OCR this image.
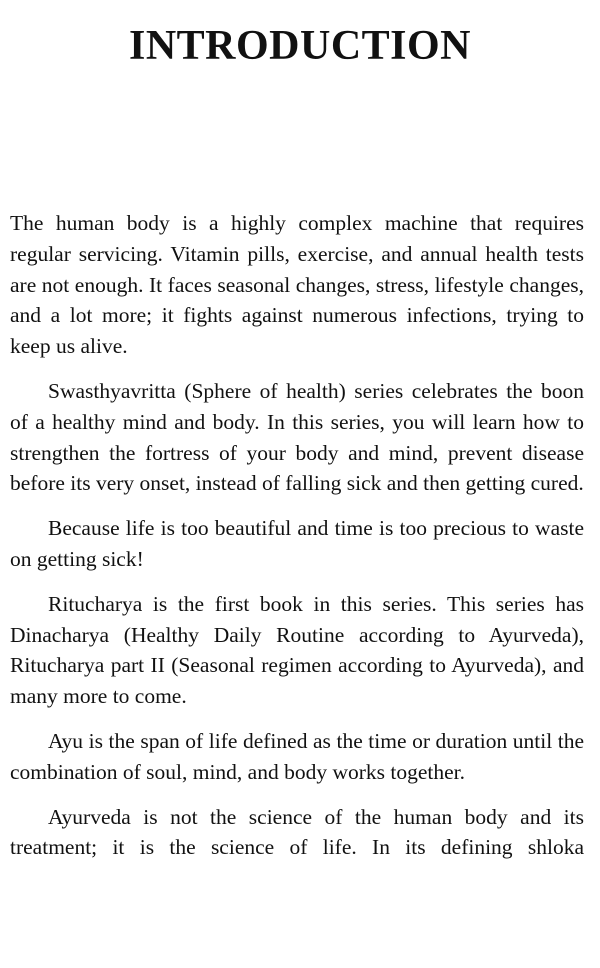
INTRODUCTION

The human body is a highly complex machine that requires regular servicing. Vitamin pills, exercise, and annual health tests are not enough. It faces seasonal changes, stress, lifestyle changes, and a lot more; it fights against numerous infections, trying to keep us alive.

Swasthyavritta (Sphere of health) series celebrates the boon of a healthy mind and body. In this series, you will learn how to strengthen the fortress of your body and mind, prevent disease before its very onset, instead of falling sick and then getting cured.

Because life is too beautiful and time is too precious to waste on getting sick!

Ritucharya is the first book in this series. This series has Dinacharya (Healthy Daily Routine according to Ayurveda), Ritucharya part II (Seasonal regimen according to Ayurveda), and many more to come.

Ayu is the span of life defined as the time or duration until the combination of soul, mind, and body works together.

Ayurveda is not the science of the human body and its treatment; it is the science of life. In its defining shloka
